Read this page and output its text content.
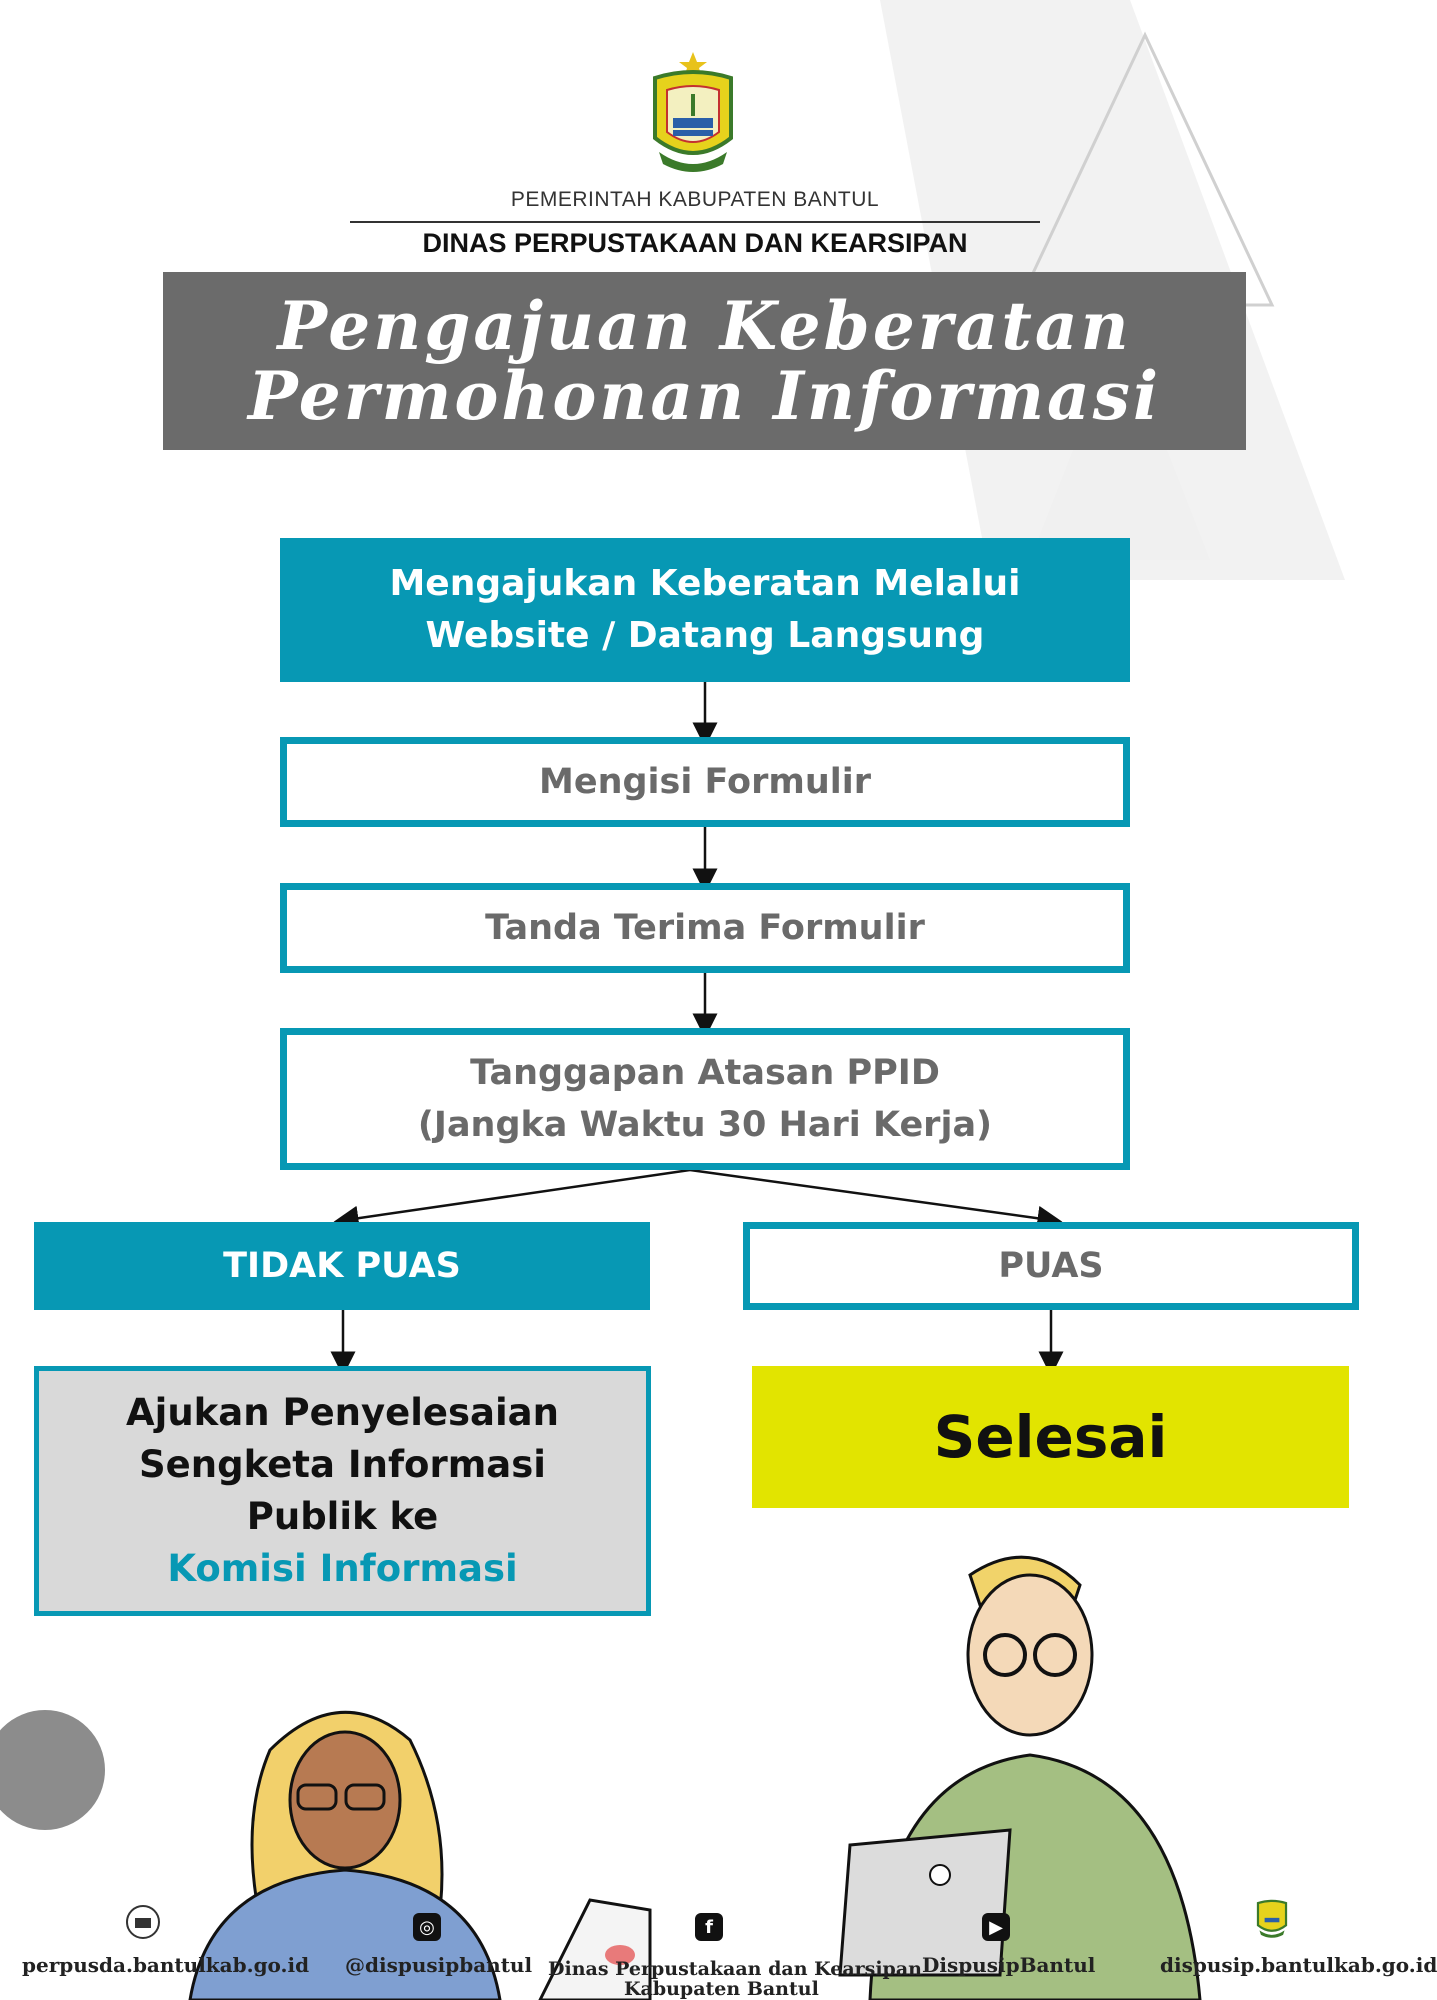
PEMERINTAH KABUPATEN BANTUL
DINAS PERPUSTAKAAN DAN KEARSIPAN
Pengajuan Keberatan
Permohonan Informasi
Mengajukan Keberatan Melalui
Website / Datang Langsung
Mengisi Formulir
Tanda Terima Formulir
Tanggapan Atasan PPID
(Jangka Waktu 30 Hari Kerja)
TIDAK PUAS	PUAS
Ajukan Penyelesaian
Sengketa Informasi
Publik ke
Komisi Informasi
Selesai
perpusda.bantulkab.go.id
◎
@dispusipbantul
f
Dinas Perpustakaan dan Kearsipan
Kabupaten Bantul
▶
DispusipBantul	dispusip.bantulkab.go.id
